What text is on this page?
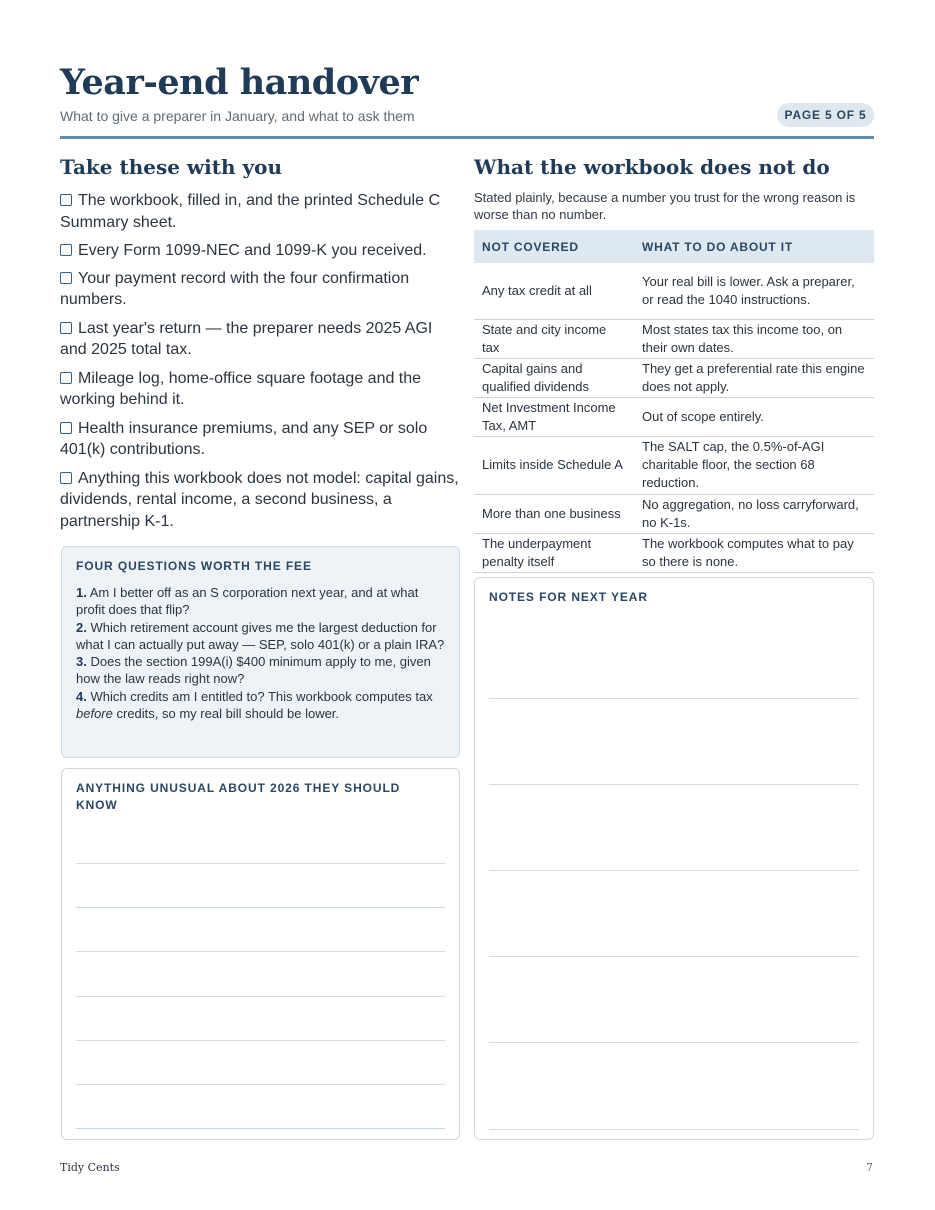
Year-end handover
What to give a preparer in January, and what to ask them	PAGE 5 OF 5
Take these with you
The workbook, filled in, and the printed Schedule C Summary sheet.
Every Form 1099-NEC and 1099-K you received.
Your payment record with the four confirmation numbers.
Last year's return — the preparer needs 2025 AGI and 2025 total tax.
Mileage log, home-office square footage and the working behind it.
Health insurance premiums, and any SEP or solo 401(k) contributions.
Anything this workbook does not model: capital gains, dividends, rental income, a second business, a partnership K-1.
FOUR QUESTIONS WORTH THE FEE
1. Am I better off as an S corporation next year, and at what profit does that flip?
2. Which retirement account gives me the largest deduction for what I can actually put away — SEP, solo 401(k) or a plain IRA?
3. Does the section 199A(i) $400 minimum apply to me, given how the law reads right now?
4. Which credits am I entitled to? This workbook computes tax before credits, so my real bill should be lower.
ANYTHING UNUSUAL ABOUT 2026 THEY SHOULD KNOW
What the workbook does not do
Stated plainly, because a number you trust for the wrong reason is worse than no number.
NOT COVERED	WHAT TO DO ABOUT IT
Any tax credit at all	Your real bill is lower. Ask a preparer, or read the 1040 instructions.
State and city income tax	Most states tax this income too, on their own dates.
Capital gains and qualified dividends	They get a preferential rate this engine does not apply.
Net Investment Income Tax, AMT	Out of scope entirely.
Limits inside Schedule A	The SALT cap, the 0.5%-of-AGI charitable floor, the section 68 reduction.
More than one business	No aggregation, no loss carryforward, no K-1s.
The underpayment penalty itself	The workbook computes what to pay so there is none.
NOTES FOR NEXT YEAR
Tidy Cents	7
